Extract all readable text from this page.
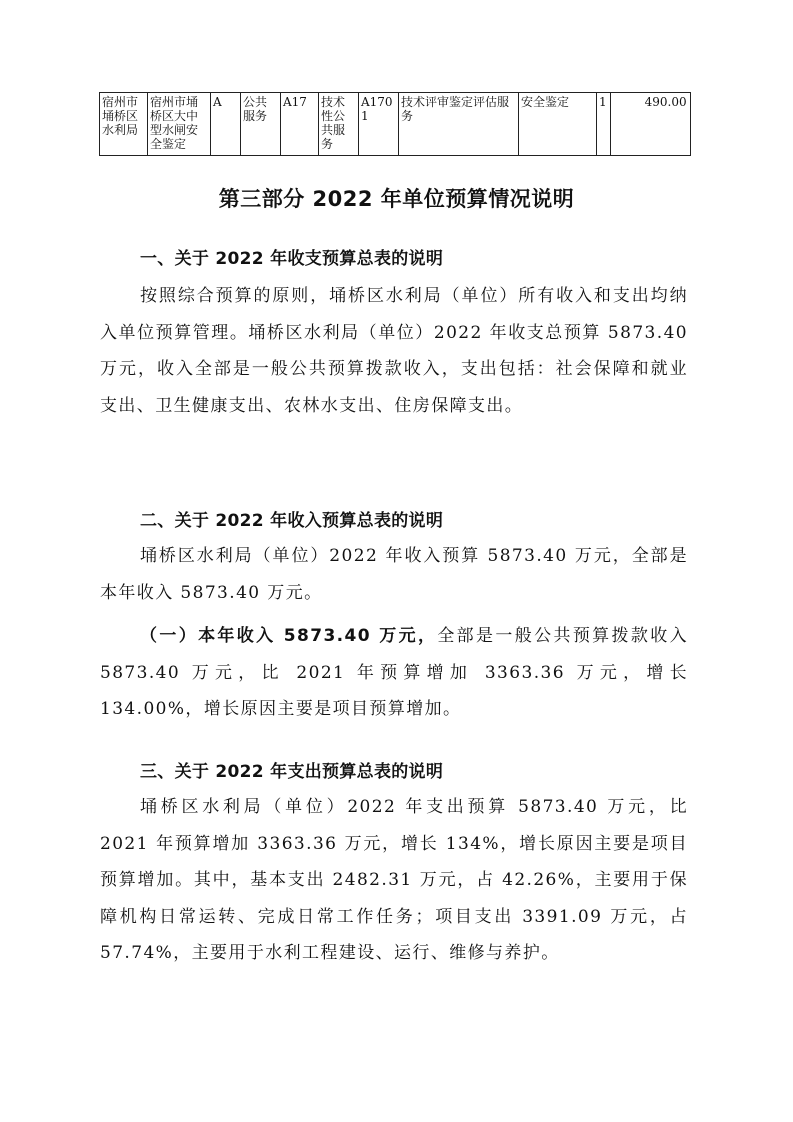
宿州市埇桥区水利局	宿州市埇桥区大中型水闸安全鉴定	A	公共服务	A17	技术性公共服务	A1701	技术评审鉴定评估服务	安全鉴定	1	490.00
第三部分 2022 年单位预算情况说明
一、关于 2022 年收支预算总表的说明
按照综合预算的原则，埇桥区水利局（单位）所有收入和支出均纳入单位预算管理。埇桥区水利局（单位）2022 年收支总预算 5873.40 万元，收入全部是一般公共预算拨款收入，支出包括：社会保障和就业支出、卫生健康支出、农林水支出、住房保障支出。
二、关于 2022 年收入预算总表的说明
埇桥区水利局（单位）2022 年收入预算 5873.40 万元，全部是本年收入 5873.40 万元。
（一）本年收入 5873.40 万元，全部是一般公共预算拨款收入 5873.40 万元，比 2021 年预算增加 3363.36 万元，增长 134.00%，增长原因主要是项目预算增加。
三、关于 2022 年支出预算总表的说明
埇桥区水利局（单位）2022 年支出预算 5873.40 万元，比 2021 年预算增加 3363.36 万元，增长 134%，增长原因主要是项目预算增加。其中，基本支出 2482.31 万元，占 42.26%，主要用于保障机构日常运转、完成日常工作任务；项目支出 3391.09 万元，占 57.74%，主要用于水利工程建设、运行、维修与养护。
